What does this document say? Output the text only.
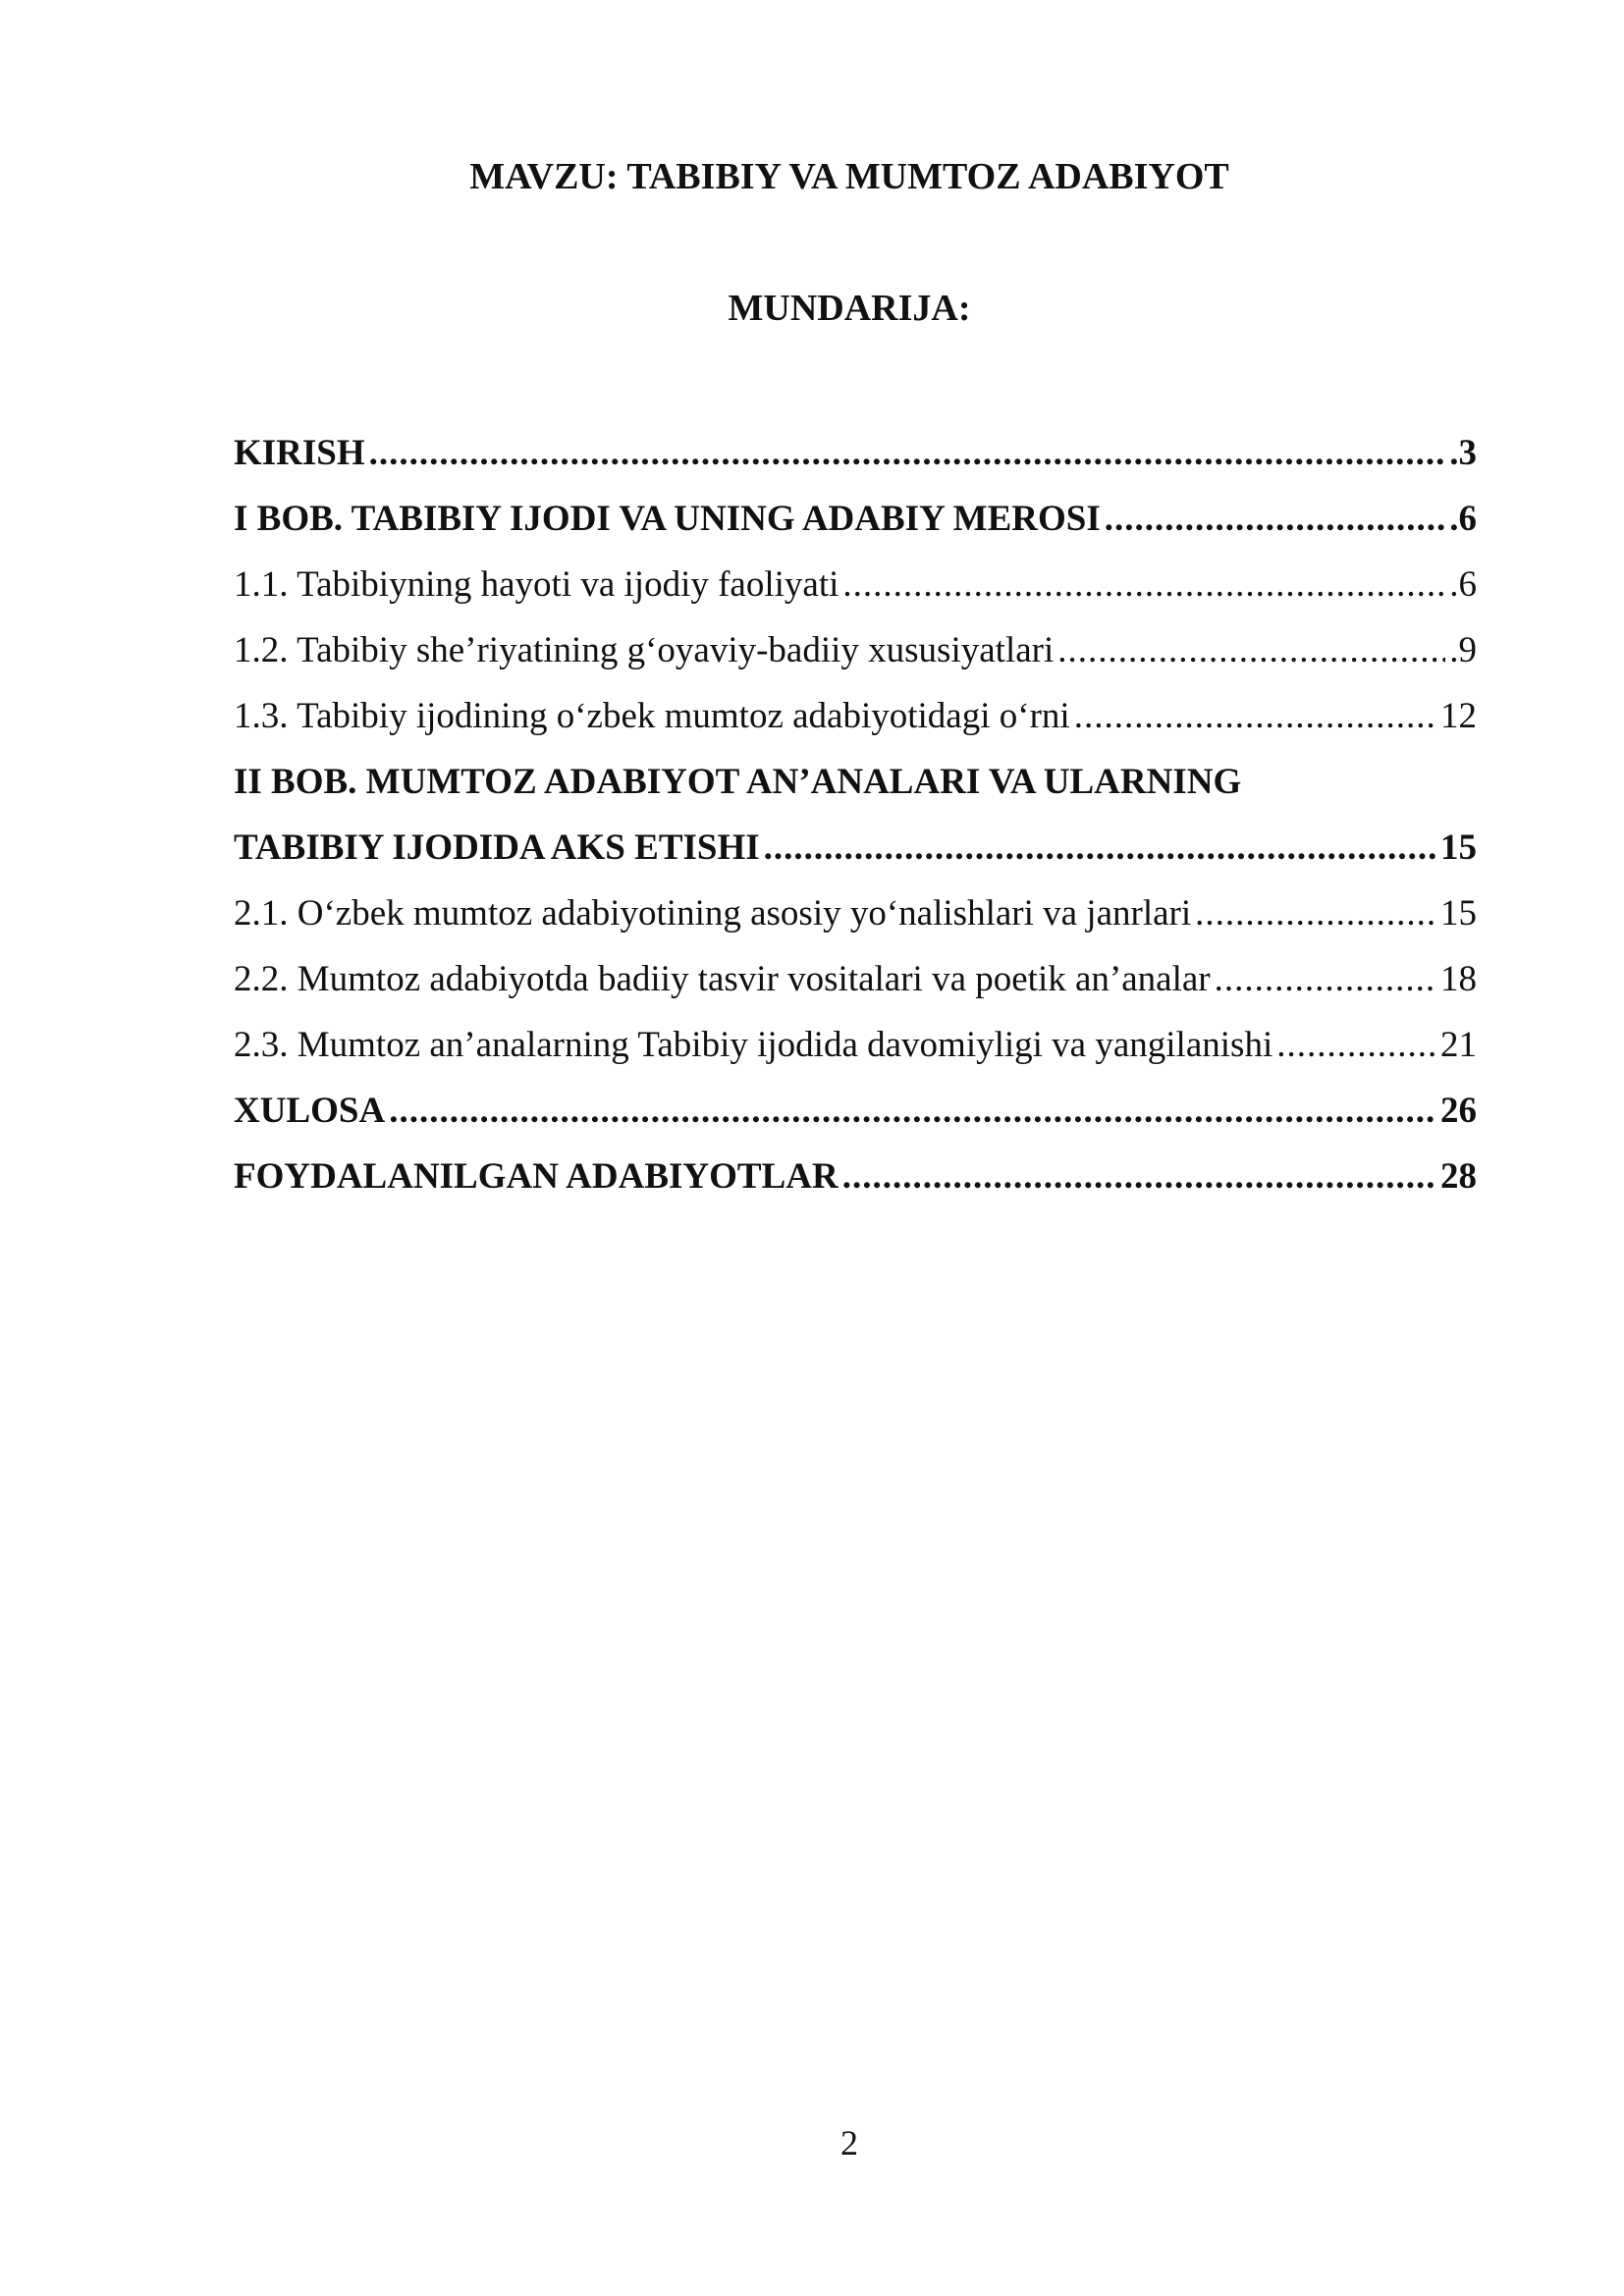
MAVZU: TABIBIY VA MUMTOZ ADABIYOT
MUNDARIJA:
KIRISH .....	.3
I BOB. TABIBIY IJODI VA UNING ADABIY MEROSI .....	.6
1.1. Tabibiyning hayoti va ijodiy faoliyati .....	.6
1.2. Tabibiy she’riyatining g‘oyaviy-badiiy xususiyatlari .....	.9
1.3. Tabibiy ijodining o‘zbek mumtoz adabiyotidagi o‘rni .....	12
II BOB. MUMTOZ ADABIYOT AN’ANALARI VA ULARNING
TABIBIY IJODIDA AKS ETISHI .....	15
2.1. O‘zbek mumtoz adabiyotining asosiy yo‘nalishlari va janrlari .....	15
2.2. Mumtoz adabiyotda badiiy tasvir vositalari va poetik an’analar .....	18
2.3. Mumtoz an’analarning Tabibiy ijodida davomiyligi va yangilanishi .....	21
XULOSA .....	26
FOYDALANILGAN ADABIYOTLAR .....	28
2
